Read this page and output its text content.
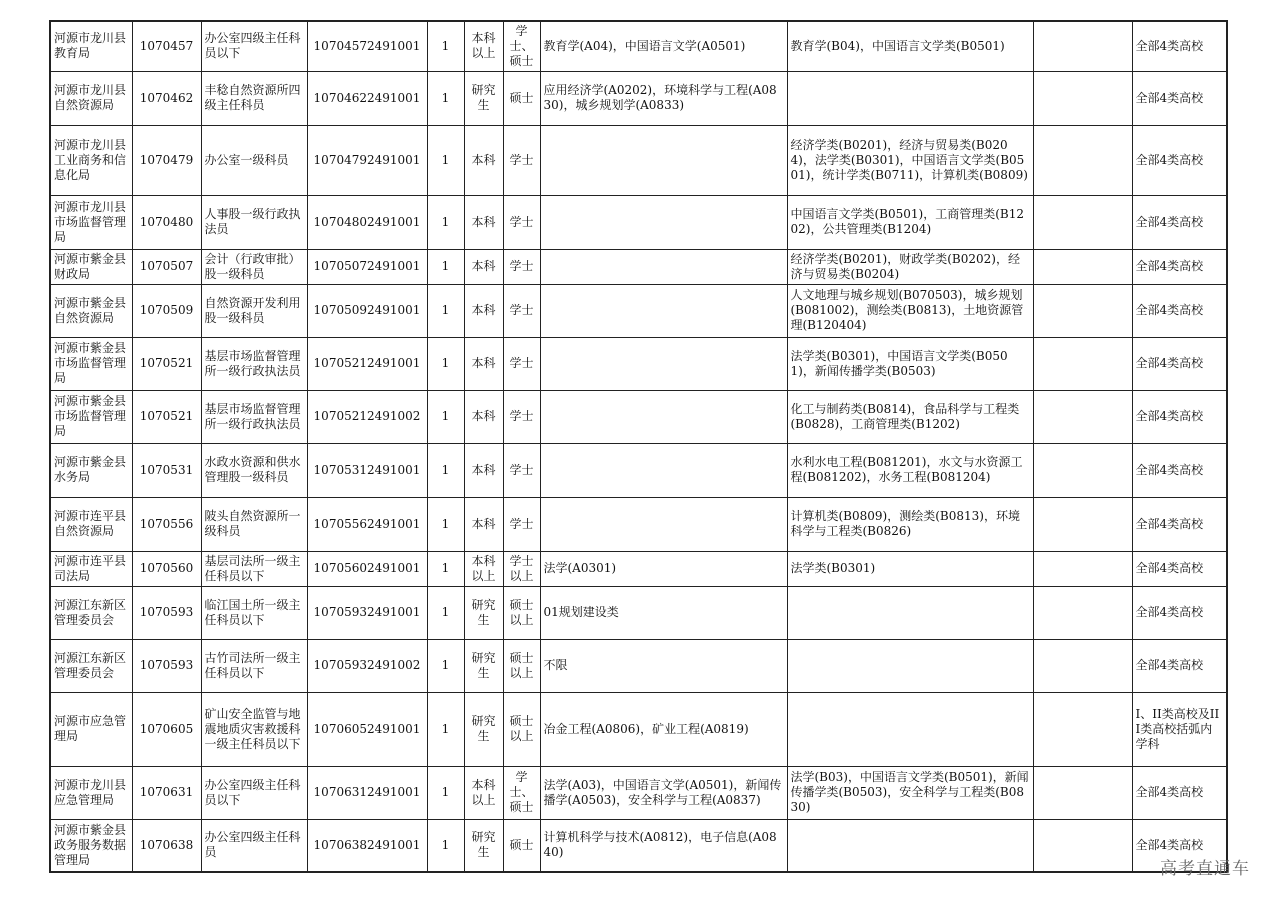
河源市龙川县教育局	1070457	办公室四级主任科员以下	10704572491001	1	本科以上	学士、硕士	教育学(A04)，中国语言文学(A0501)	教育学(B04)，中国语言文学类(B0501)		全部4类高校
河源市龙川县自然资源局	1070462	丰稔自然资源所四级主任科员	10704622491001	1	研究生	硕士	应用经济学(A0202)，环境科学与工程(A0830)，城乡规划学(A0833)			全部4类高校
河源市龙川县工业商务和信息化局	1070479	办公室一级科员	10704792491001	1	本科	学士		经济学类(B0201)，经济与贸易类(B0204)，法学类(B0301)，中国语言文学类(B0501)，统计学类(B0711)，计算机类(B0809)		全部4类高校
河源市龙川县市场监督管理局	1070480	人事股一级行政执法员	10704802491001	1	本科	学士		中国语言文学类(B0501)，工商管理类(B1202)，公共管理类(B1204)		全部4类高校
河源市紫金县财政局	1070507	会计（行政审批）股一级科员	10705072491001	1	本科	学士		经济学类(B0201)，财政学类(B0202)，经济与贸易类(B0204)		全部4类高校
河源市紫金县自然资源局	1070509	自然资源开发利用股一级科员	10705092491001	1	本科	学士		人文地理与城乡规划(B070503)，城乡规划(B081002)，测绘类(B0813)，土地资源管理(B120404)		全部4类高校
河源市紫金县市场监督管理局	1070521	基层市场监督管理所一级行政执法员	10705212491001	1	本科	学士		法学类(B0301)，中国语言文学类(B0501)，新闻传播学类(B0503)		全部4类高校
河源市紫金县市场监督管理局	1070521	基层市场监督管理所一级行政执法员	10705212491002	1	本科	学士		化工与制药类(B0814)，食品科学与工程类(B0828)，工商管理类(B1202)		全部4类高校
河源市紫金县水务局	1070531	水政水资源和供水管理股一级科员	10705312491001	1	本科	学士		水利水电工程(B081201)，水文与水资源工程(B081202)，水务工程(B081204)		全部4类高校
河源市连平县自然资源局	1070556	陂头自然资源所一级科员	10705562491001	1	本科	学士		计算机类(B0809)，测绘类(B0813)，环境科学与工程类(B0826)		全部4类高校
河源市连平县司法局	1070560	基层司法所一级主任科员以下	10705602491001	1	本科以上	学士以上	法学(A0301)	法学类(B0301)		全部4类高校
河源江东新区管理委员会	1070593	临江国土所一级主任科员以下	10705932491001	1	研究生	硕士以上	01规划建设类			全部4类高校
河源江东新区管理委员会	1070593	古竹司法所一级主任科员以下	10705932491002	1	研究生	硕士以上	不限			全部4类高校
河源市应急管理局	1070605	矿山安全监管与地震地质灾害救援科一级主任科员以下	10706052491001	1	研究生	硕士以上	冶金工程(A0806)，矿业工程(A0819)			I、II类高校及III类高校括弧内学科
河源市龙川县应急管理局	1070631	办公室四级主任科员以下	10706312491001	1	本科以上	学士、硕士	法学(A03)，中国语言文学(A0501)，新闻传播学(A0503)，安全科学与工程(A0837)	法学(B03)，中国语言文学类(B0501)，新闻传播学类(B0503)，安全科学与工程类(B0830)		全部4类高校
河源市紫金县政务服务数据管理局	1070638	办公室四级主任科员	10706382491001	1	研究生	硕士	计算机科学与技术(A0812)，电子信息(A0840)			全部4类高校
高考直通车
